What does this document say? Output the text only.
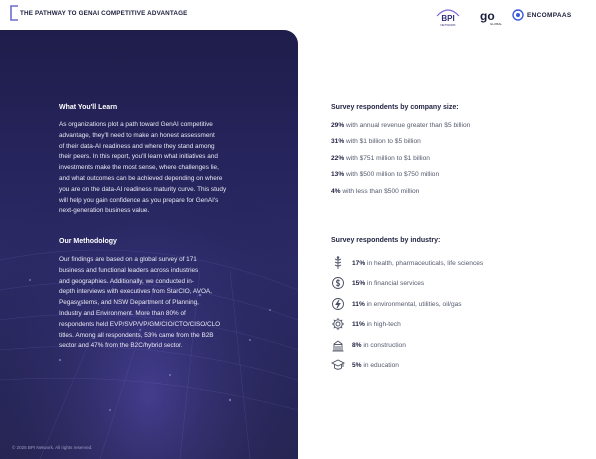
THE PATHWAY TO GENAI COMPETITIVE ADVANTAGE
BPI
NETWORK
go
GLOBAL
ENCOMPAAS
What You'll Learn
As organizations plot a path toward GenAI competitive
advantage, they'll need to make an honest assessment
of their data-AI readiness and where they stand among
their peers. In this report, you'll learn what initiatives and
investments make the most sense, where challenges lie,
and what outcomes can be achieved depending on where
you are on the data-AI readiness maturity curve. This study
will help you gain confidence as you prepare for GenAI's
next-generation business value.
Our Methodology
Our findings are based on a global survey of 171
business and functional leaders across industries
and geographies. Additionally, we conducted in-
depth interviews with executives from StarCIO, AVOA,
Pegasystems, and NSW Department of Planning,
Industry and Environment. More than 80% of
respondents held EVP/SVP/VP/GM/CIO/CTO/CISO/CLO
titles. Among all respondents, 53% came from the B2B
sector and 47% from the B2C/hybrid sector.
Survey respondents by company size:
29% with annual revenue greater than $5 billion
31% with $1 billion to $5 billion
22% with $751 million to $1 billion
13% with $500 million to $750 million
4% with less than $500 million
Survey respondents by industry:
17% in health, pharmaceuticals, life sciences
15% in financial services
11% in environmental, utilities, oil/gas
11% in high-tech
8% in construction
5% in education
© 2025 BPI Network. All rights reserved.
